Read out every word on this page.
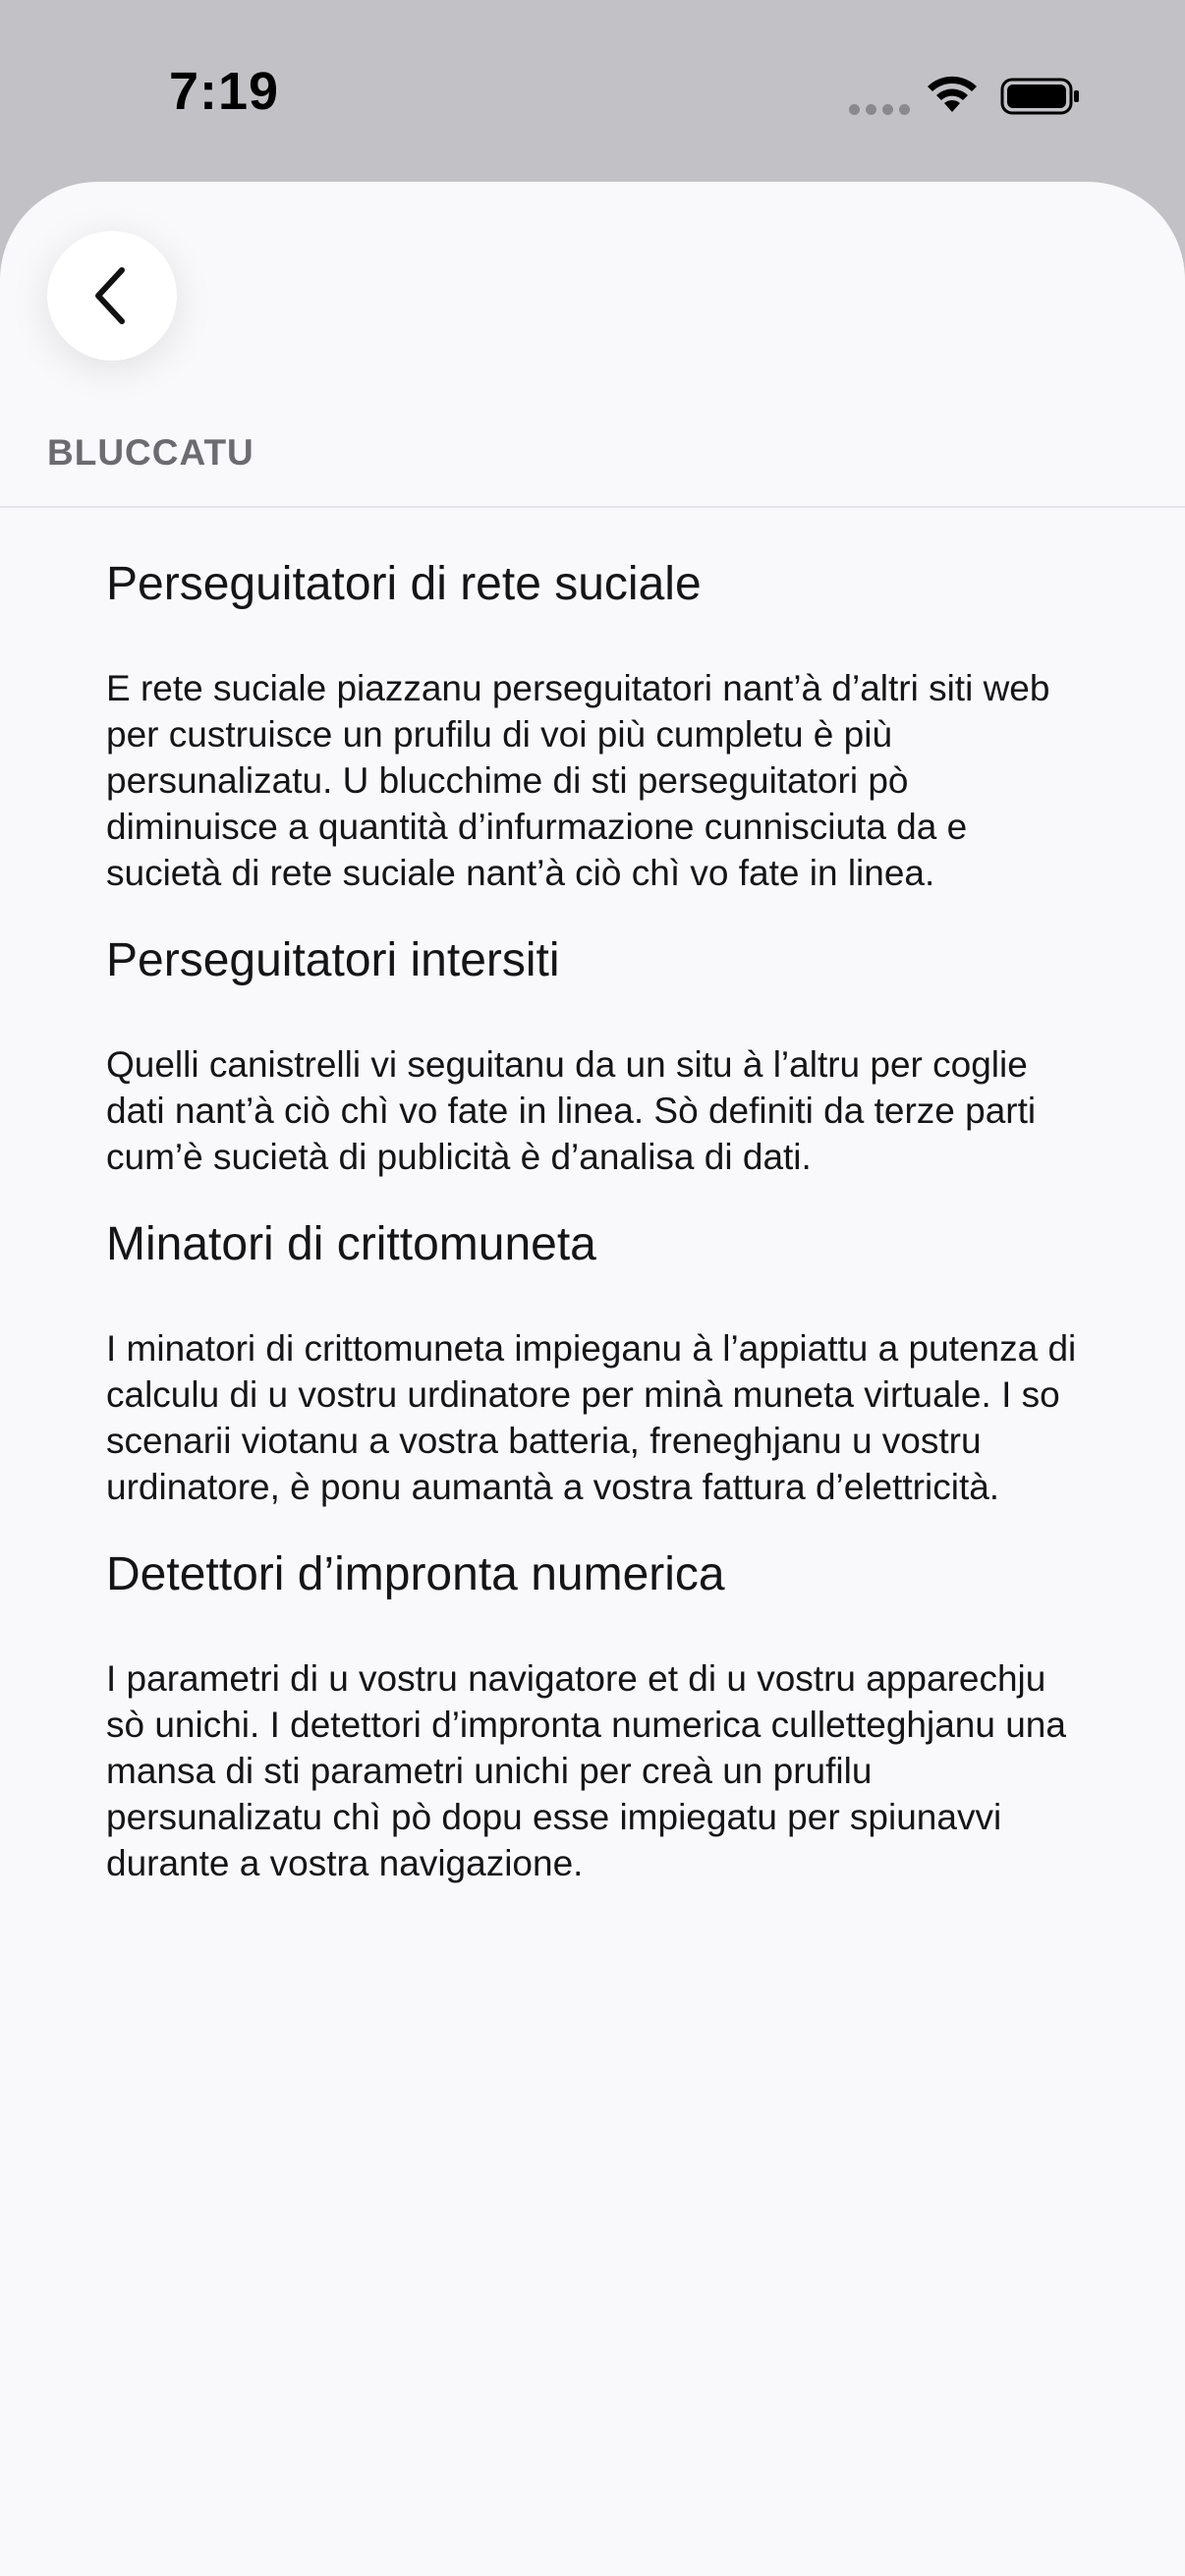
7:19
BLUCCATU

Perseguitatori di rete suciale

E rete suciale piazzanu perseguitatori nant’à d’altri siti web per custruisce un prufilu di voi più cumpletu è più persunalizatu. U blucchime di sti perseguitatori pò diminuisce a quantità d’infurmazione cunnisciuta da e sucietà di rete suciale nant’à ciò chì vo fate in linea.

Perseguitatori intersiti

Quelli canistrelli vi seguitanu da un situ à l’altru per coglie dati nant’à ciò chì vo fate in linea. Sò definiti da terze parti cum’è sucietà di publicità è d’analisa di dati.

Minatori di crittomuneta

I minatori di crittomuneta impieganu à l’appiattu a putenza di calculu di u vostru urdinatore per minà muneta virtuale. I so scenarii viotanu a vostra batteria, freneghjanu u vostru urdinatore, è ponu aumantà a vostra fattura d’elettricità.

Detettori d’impronta numerica

I parametri di u vostru navigatore et di u vostru apparechju sò unichi. I detettori d’impronta numerica culletteghjanu una mansa di sti parametri unichi per creà un prufilu persunalizatu chì pò dopu esse impiegatu per spiunavvi durante a vostra navigazione.
